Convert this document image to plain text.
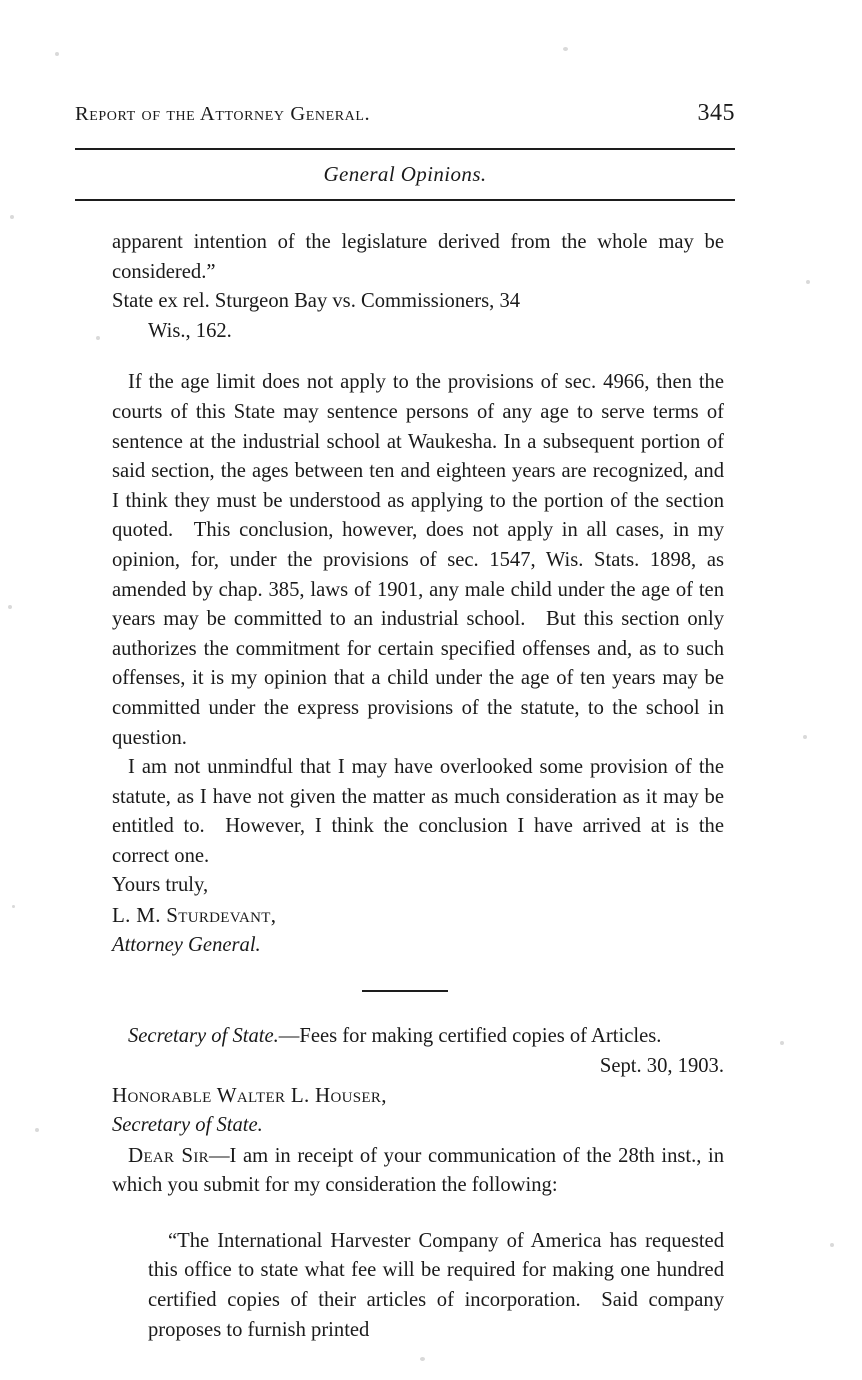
Report of the Attorney General.	345
General Opinions.

apparent intention of the legislature derived from the whole may be considered.”

State ex rel. Sturgeon Bay vs. Commissioners, 34
Wis., 162.

If the age limit does not apply to the provisions of sec. 4966, then the courts of this State may sentence persons of any age to serve terms of sentence at the industrial school at Waukesha. In a subsequent portion of said section, the ages between ten and eighteen years are recognized, and I think they must be understood as applying to the portion of the section quoted. This conclusion, however, does not apply in all cases, in my opinion, for, under the provisions of sec. 1547, Wis. Stats. 1898, as amended by chap. 385, laws of 1901, any male child under the age of ten years may be committed to an industrial school. But this section only authorizes the commitment for certain specified offenses and, as to such offenses, it is my opinion that a child under the age of ten years may be committed under the express provisions of the statute, to the school in question.

I am not unmindful that I may have overlooked some provision of the statute, as I have not given the matter as much consideration as it may be entitled to. However, I think the conclusion I have arrived at is the correct one.

Yours truly,

L. M. Sturdevant,

Attorney General.

Secretary of State.—Fees for making certified copies of Articles.

Sept. 30, 1903.

Honorable Walter L. Houser,

Secretary of State.

Dear Sir—I am in receipt of your communication of the 28th inst., in which you submit for my consideration the following:

“The International Harvester Company of America has requested this office to state what fee will be required for making one hundred certified copies of their articles of incorporation. Said company proposes to furnish printed
